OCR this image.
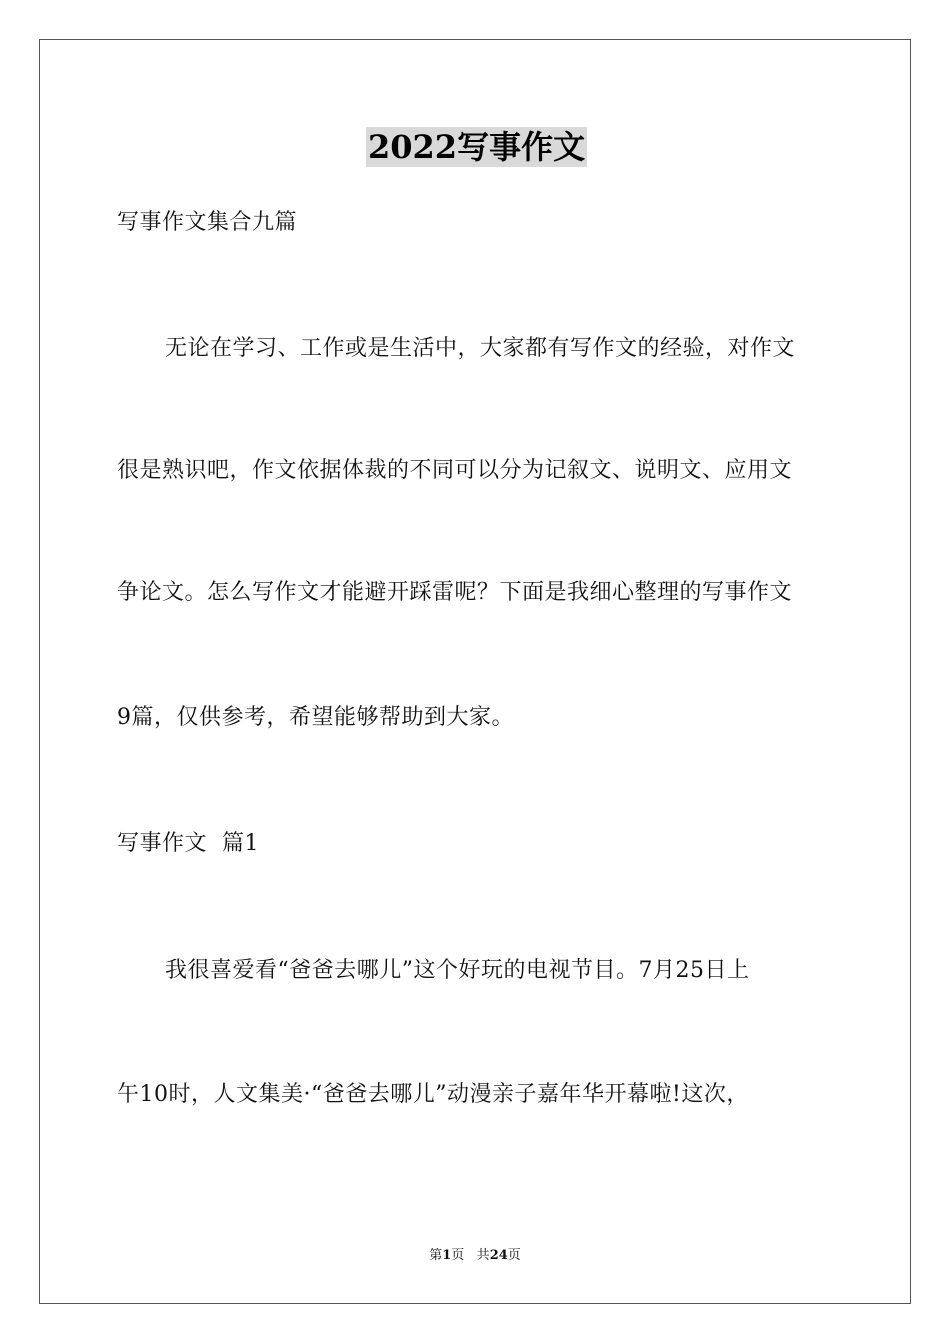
2022写事作文
写事作文集合九篇
无论在学习、工作或是生活中，大家都有写作文的经验，对作文
很是熟识吧，作文依据体裁的不同可以分为记叙文、说明文、应用文
争论文。怎么写作文才能避开踩雷呢？下面是我细心整理的写事作文
9篇，仅供参考，希望能够帮助到大家。
写事作文  篇1
我很喜爱看“爸爸去哪儿”这个好玩的电视节目。7月25日上
午10时，人文集美·“爸爸去哪儿”动漫亲子嘉年华开幕啦!这次，
第1页 共24页
